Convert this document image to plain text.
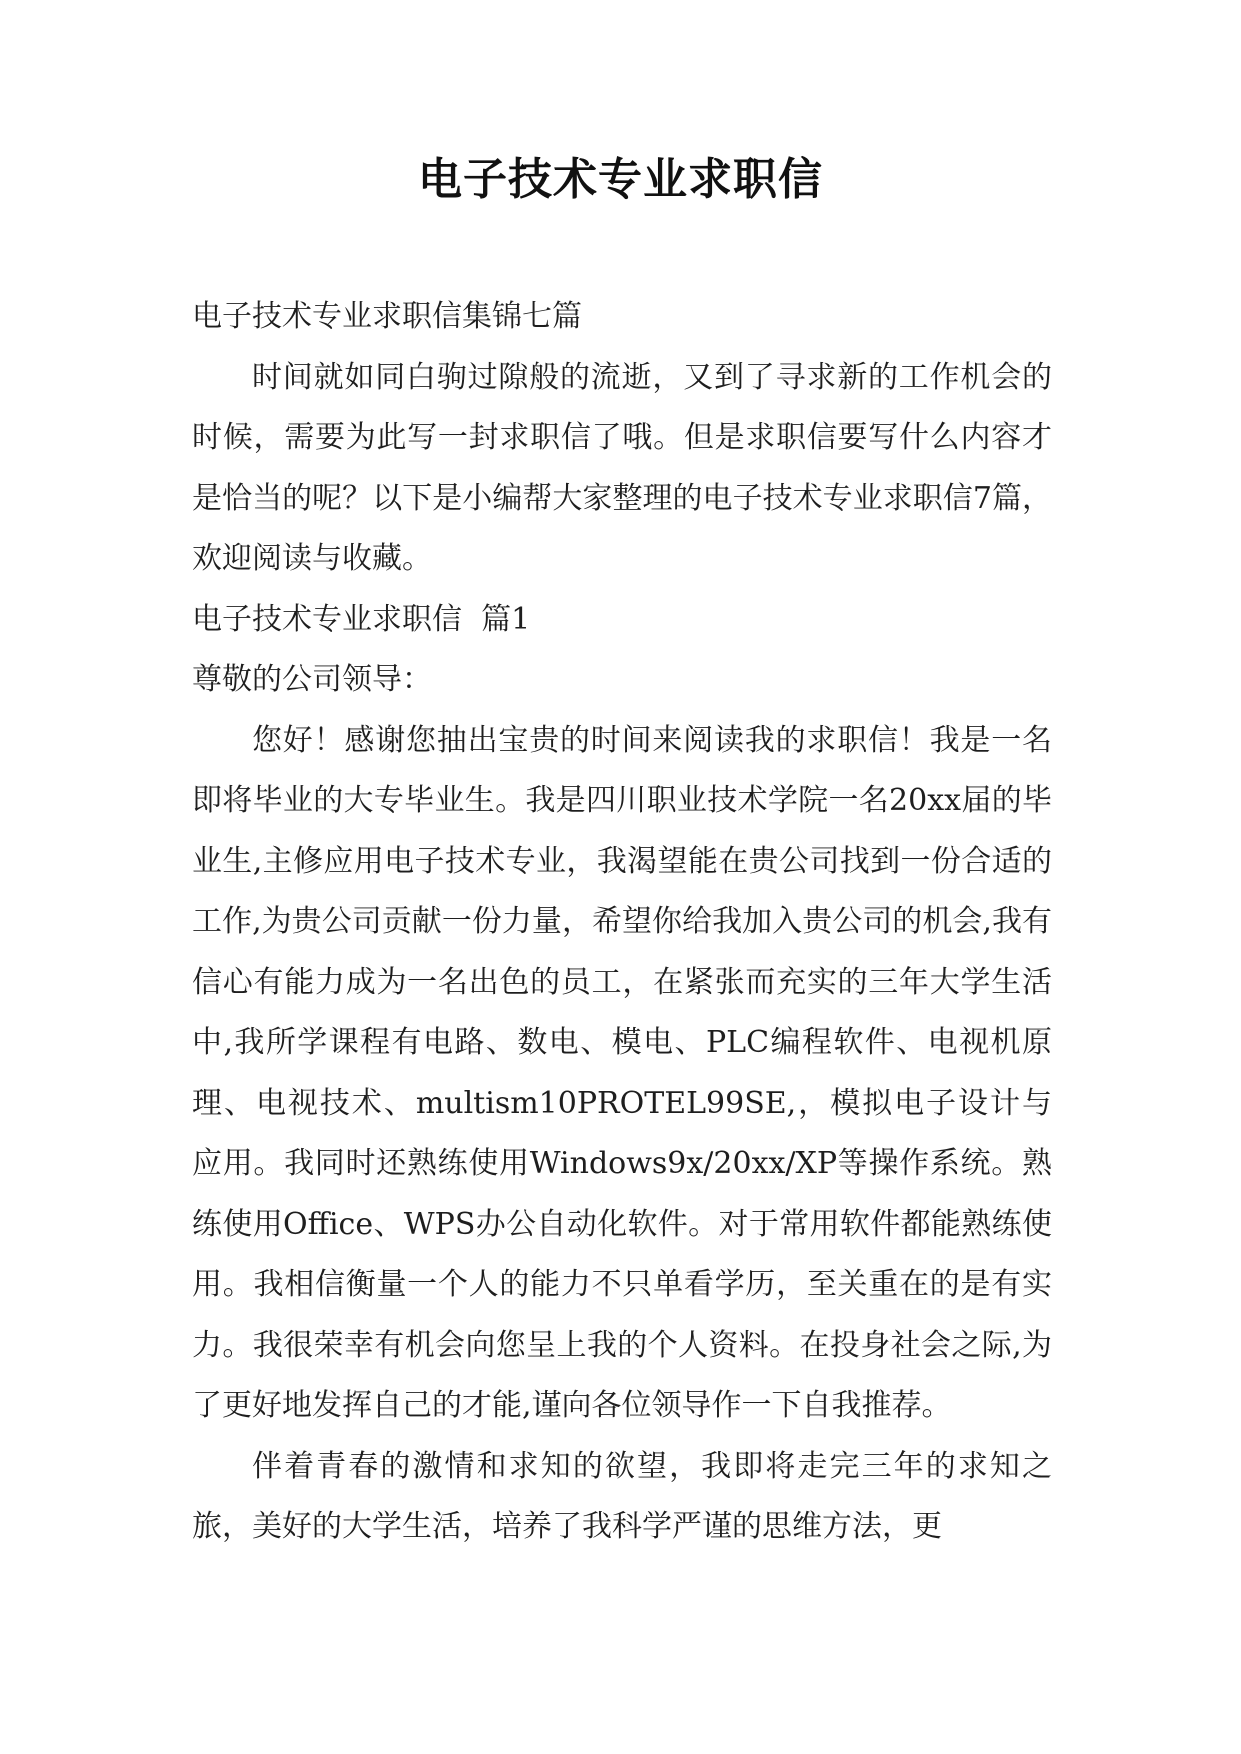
电子技术专业求职信

电子技术专业求职信集锦七篇

时间就如同白驹过隙般的流逝，又到了寻求新的工作机会的时候，需要为此写一封求职信了哦。但是求职信要写什么内容才是恰当的呢？以下是小编帮大家整理的电子技术专业求职信7篇，欢迎阅读与收藏。

电子技术专业求职信  篇1

尊敬的公司领导：

您好！感谢您抽出宝贵的时间来阅读我的求职信！我是一名即将毕业的大专毕业生。我是四川职业技术学院一名20xx届的毕业生,主修应用电子技术专业，我渴望能在贵公司找到一份合适的工作,为贵公司贡献一份力量，希望你给我加入贵公司的机会,我有信心有能力成为一名出色的员工，在紧张而充实的三年大学生活中,我所学课程有电路、数电、模电、PLC编程软件、电视机原理、电视技术、multism10PROTEL99SE,，模拟电子设计与应用。我同时还熟练使用Windows9x/20xx/XP等操作系统。熟练使用Office、WPS办公自动化软件。对于常用软件都能熟练使用。我相信衡量一个人的能力不只单看学历，至关重在的是有实力。我很荣幸有机会向您呈上我的个人资料。在投身社会之际,为了更好地发挥自己的才能,谨向各位领导作一下自我推荐。

伴着青春的激情和求知的欲望，我即将走完三年的求知之旅，美好的大学生活，培养了我科学严谨的思维方法，更
